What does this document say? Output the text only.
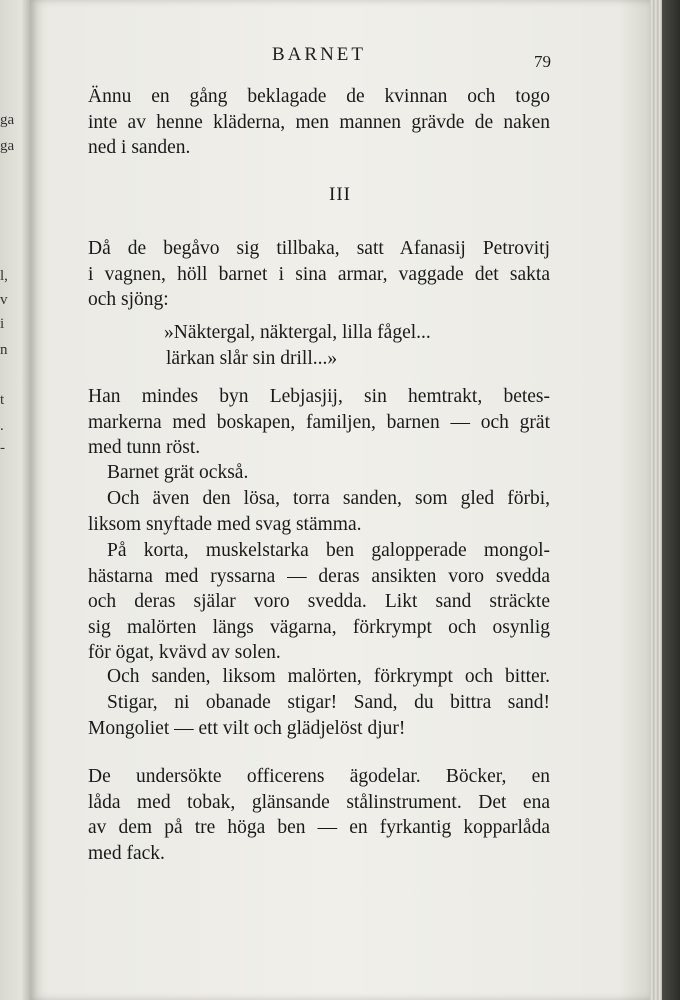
ga
ga
l,
v
i
n
t
.
-
BARNET	79
Ännu en gång beklagade de kvinnan och togo
inte av henne kläderna, men mannen grävde de naken
ned i sanden.
III
Då de begåvo sig tillbaka, satt Afanasij Petrovitj
i vagnen, höll barnet i sina armar, vaggade det sakta
och sjöng:
»Näktergal, näktergal, lilla fågel...
lärkan slår sin drill...»
Han mindes byn Lebjasjij, sin hemtrakt, betes-
markerna med boskapen, familjen, barnen — och grät
med tunn röst.
Barnet grät också.
Och även den lösa, torra sanden, som gled förbi,
liksom snyftade med svag stämma.
På korta, muskelstarka ben galopperade mongol-
hästarna med ryssarna — deras ansikten voro svedda
och deras själar voro svedda. Likt sand sträckte
sig malörten längs vägarna, förkrympt och osynlig
för ögat, kvävd av solen.
Och sanden, liksom malörten, förkrympt och bitter.
Stigar, ni obanade stigar! Sand, du bittra sand!
Mongoliet — ett vilt och glädjelöst djur!
De undersökte officerens ägodelar. Böcker, en
låda med tobak, glänsande stålinstrument. Det ena
av dem på tre höga ben — en fyrkantig kopparlåda
med fack.
